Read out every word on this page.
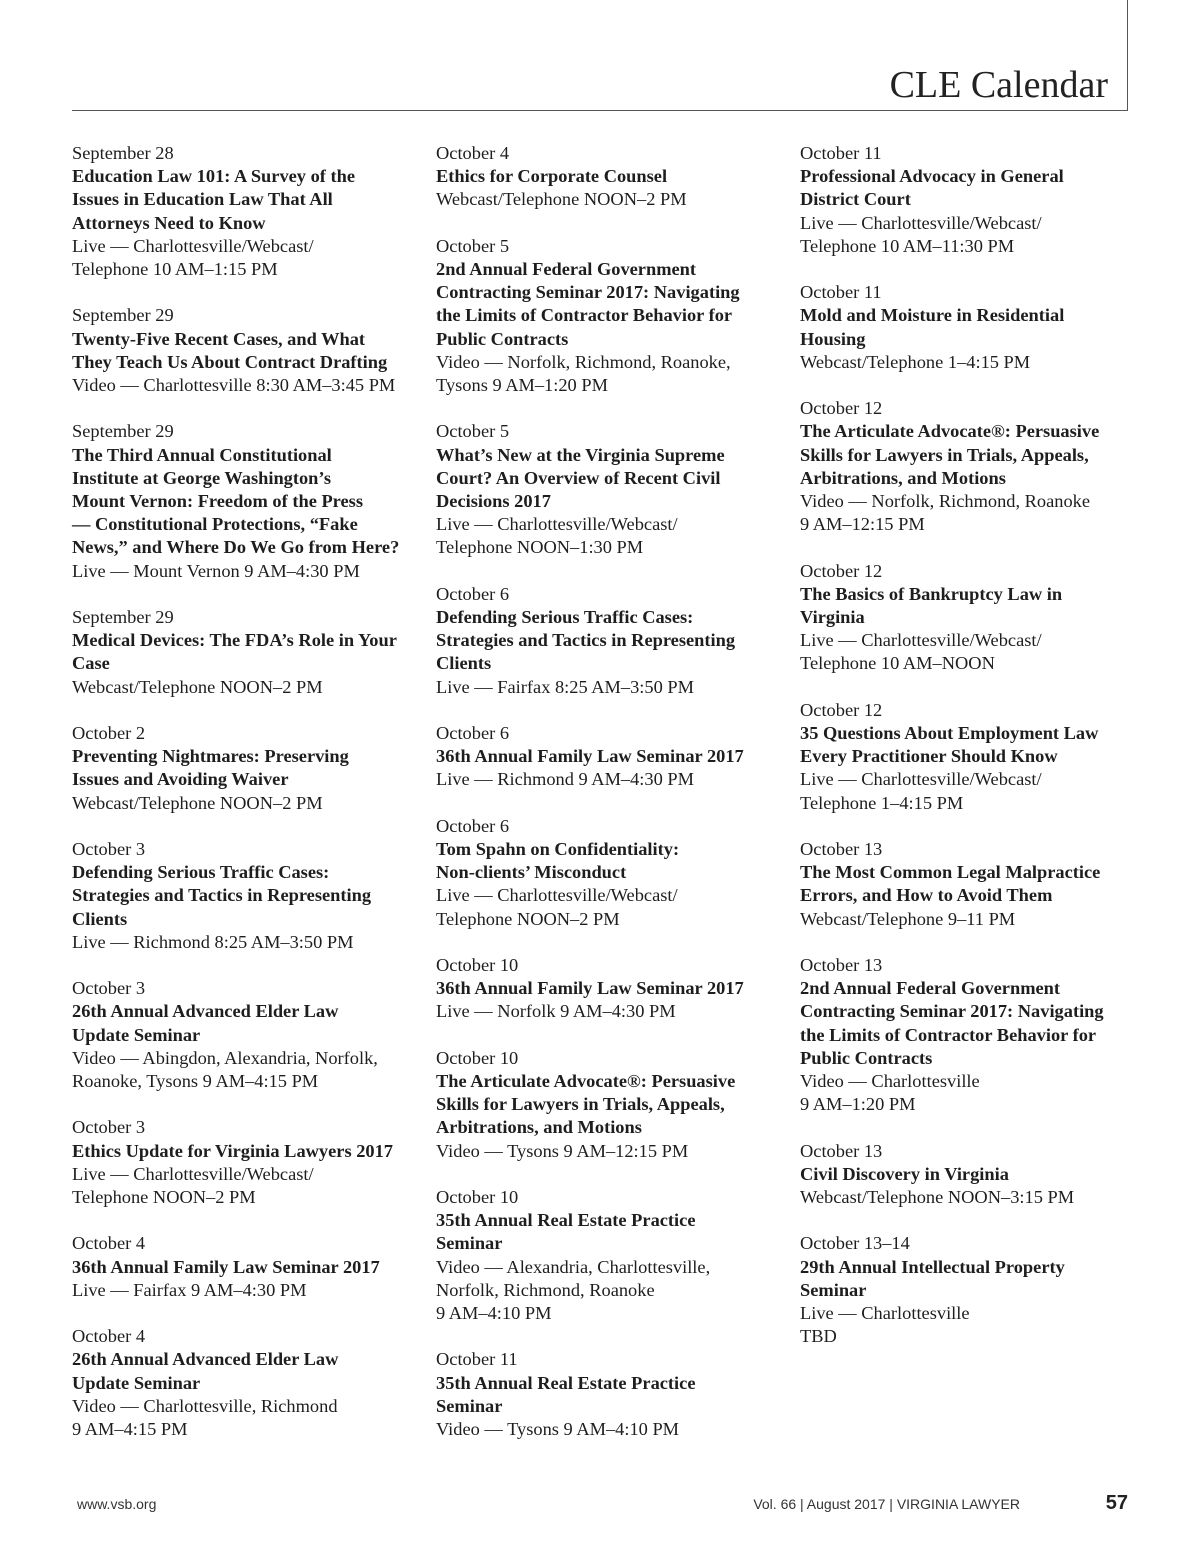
CLE Calendar
September 28
Education Law 101: A Survey of the
Issues in Education Law That All
Attorneys Need to Know
Live — Charlottesville/Webcast/
Telephone 10 AM–1:15 PM
September 29
Twenty-Five Recent Cases, and What
They Teach Us About Contract Drafting
Video — Charlottesville 8:30 AM–3:45 PM
September 29
The Third Annual Constitutional
Institute at George Washington’s
Mount Vernon: Freedom of the Press
— Constitutional Protections, “Fake
News,” and Where Do We Go from Here?
Live — Mount Vernon 9 AM–4:30 PM
September 29
Medical Devices: The FDA’s Role in Your
Case
Webcast/Telephone NOON–2 PM
October 2
Preventing Nightmares: Preserving
Issues and Avoiding Waiver
Webcast/Telephone NOON–2 PM
October 3
Defending Serious Traffic Cases:
Strategies and Tactics in Representing
Clients
Live — Richmond 8:25 AM–3:50 PM
October 3
26th Annual Advanced Elder Law
Update Seminar
Video — Abingdon, Alexandria, Norfolk,
Roanoke, Tysons 9 AM–4:15 PM
October 3
Ethics Update for Virginia Lawyers 2017
Live — Charlottesville/Webcast/
Telephone NOON–2 PM
October 4
36th Annual Family Law Seminar 2017
Live — Fairfax 9 AM–4:30 PM
October 4
26th Annual Advanced Elder Law
Update Seminar
Video — Charlottesville, Richmond
9 AM–4:15 PM
October 4
Ethics for Corporate Counsel
Webcast/Telephone NOON–2 PM
October 5
2nd Annual Federal Government
Contracting Seminar 2017: Navigating
the Limits of Contractor Behavior for
Public Contracts
Video — Norfolk, Richmond, Roanoke,
Tysons 9 AM–1:20 PM
October 5
What’s New at the Virginia Supreme
Court? An Overview of Recent Civil
Decisions 2017
Live — Charlottesville/Webcast/
Telephone NOON–1:30 PM
October 6
Defending Serious Traffic Cases:
Strategies and Tactics in Representing
Clients
Live — Fairfax 8:25 AM–3:50 PM
October 6
36th Annual Family Law Seminar 2017
Live — Richmond 9 AM–4:30 PM
October 6
Tom Spahn on Confidentiality:
Non-clients’ Misconduct
Live — Charlottesville/Webcast/
Telephone NOON–2 PM
October 10
36th Annual Family Law Seminar 2017
Live — Norfolk 9 AM–4:30 PM
October 10
The Articulate Advocate®: Persuasive
Skills for Lawyers in Trials, Appeals,
Arbitrations, and Motions
Video — Tysons 9 AM–12:15 PM
October 10
35th Annual Real Estate Practice
Seminar
Video — Alexandria, Charlottesville,
Norfolk, Richmond, Roanoke
9 AM–4:10 PM
October 11
35th Annual Real Estate Practice
Seminar
Video — Tysons 9 AM–4:10 PM
October 11
Professional Advocacy in General
District Court
Live — Charlottesville/Webcast/
Telephone 10 AM–11:30 PM
October 11
Mold and Moisture in Residential
Housing
Webcast/Telephone 1–4:15 PM
October 12
The Articulate Advocate®: Persuasive
Skills for Lawyers in Trials, Appeals,
Arbitrations, and Motions
Video — Norfolk, Richmond, Roanoke
9 AM–12:15 PM
October 12
The Basics of Bankruptcy Law in
Virginia
Live — Charlottesville/Webcast/
Telephone 10 AM–NOON
October 12
35 Questions About Employment Law
Every Practitioner Should Know
Live — Charlottesville/Webcast/
Telephone 1–4:15 PM
October 13
The Most Common Legal Malpractice
Errors, and How to Avoid Them
Webcast/Telephone 9–11 PM
October 13
2nd Annual Federal Government
Contracting Seminar 2017: Navigating
the Limits of Contractor Behavior for
Public Contracts
Video — Charlottesville
9 AM–1:20 PM
October 13
Civil Discovery in Virginia
Webcast/Telephone NOON–3:15 PM
October 13–14
29th Annual Intellectual Property
Seminar
Live — Charlottesville
TBD
www.vsb.org	Vol. 66 | August 2017 | VIRGINIA LAWYER	57
